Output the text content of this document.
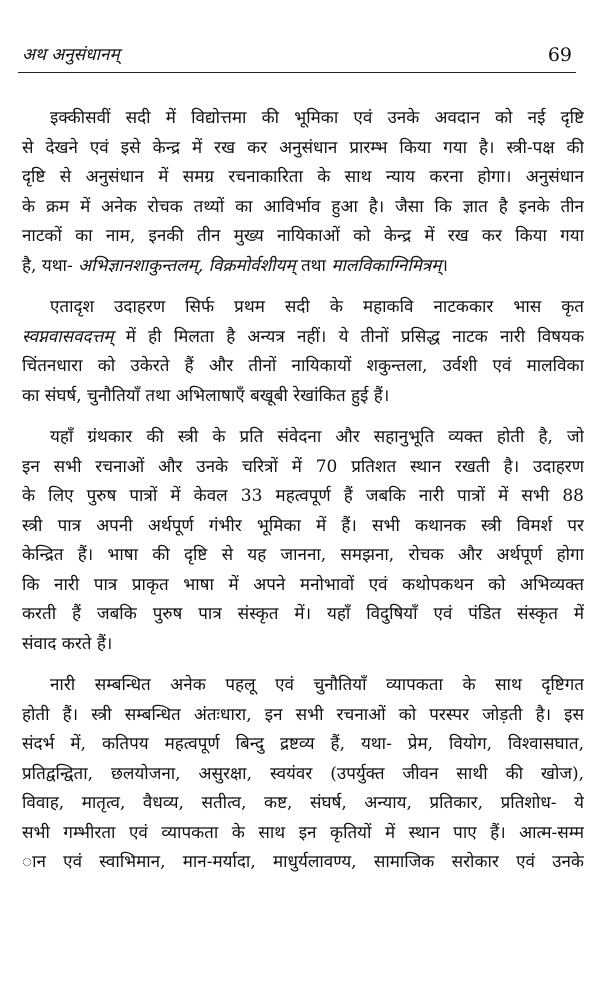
अथ अनुसंधानम्	69
इक्कीसवीं सदी में विद्योत्तमा की भूमिका एवं उनके अवदान को नई दृष्टि
से देखने एवं इसे केन्द्र में रख कर अनुसंधान प्रारम्भ किया गया है। स्त्री-पक्ष की
दृष्टि से अनुसंधान में समग्र रचनाकारिता के साथ न्याय करना होगा। अनुसंधान
के क्रम में अनेक रोचक तथ्यों का आविर्भाव हुआ है। जैसा कि ज्ञात है इनके तीन
नाटकों का नाम, इनकी तीन मुख्य नायिकाओं को केन्द्र में रख कर किया गया
है, यथा- अभिज्ञानशाकुन्तलम्, विक्रमोर्वशीयम् तथा मालविकाग्निमित्रम्।
एतादृश उदाहरण सिर्फ प्रथम सदी के महाकवि नाटककार भास कृत
स्वप्नवासवदत्तम् में ही मिलता है अन्यत्र नहीं। ये तीनों प्रसिद्ध नाटक नारी विषयक
चिंतनधारा को उकेरते हैं और तीनों नायिकायों शकुन्तला, उर्वशी एवं मालविका
का संघर्ष, चुनौतियाँ तथा अभिलाषाएँ बखूबी रेखांकित हुई हैं।
यहाँ ग्रंथकार की स्त्री के प्रति संवेदना और सहानुभूति व्यक्त होती है, जो
इन सभी रचनाओं और उनके चरित्रों में 70 प्रतिशत स्थान रखती है। उदाहरण
के लिए पुरुष पात्रों में केवल 33 महत्वपूर्ण हैं जबकि नारी पात्रों में सभी 88
स्त्री पात्र अपनी अर्थपूर्ण गंभीर भूमिका में हैं। सभी कथानक स्त्री विमर्श पर
केन्द्रित हैं। भाषा की दृष्टि से यह जानना, समझना, रोचक और अर्थपूर्ण होगा
कि नारी पात्र प्राकृत भाषा में अपने मनोभावों एवं कथोपकथन को अभिव्यक्त
करती हैं जबकि पुरुष पात्र संस्कृत में। यहाँ विदुषियाँ एवं पंडित संस्कृत में
संवाद करते हैं।
नारी सम्बन्धित अनेक पहलू एवं चुनौतियाँ व्यापकता के साथ दृष्टिगत
होती हैं। स्त्री सम्बन्धित अंतःधारा, इन सभी रचनाओं को परस्पर जोड़ती है। इस
संदर्भ में, कतिपय महत्वपूर्ण बिन्दु द्रष्टव्य हैं, यथा- प्रेम, वियोग, विश्वासघात,
प्रतिद्वन्द्विता, छलयोजना, असुरक्षा, स्वयंवर (उपर्युक्त जीवन साथी की खोज),
विवाह, मातृत्व, वैधव्य, सतीत्व, कष्ट, संघर्ष, अन्याय, प्रतिकार, प्रतिशोध- ये
सभी गम्भीरता एवं व्यापकता के साथ इन कृतियों में स्थान पाए हैं। आत्म-सम्म
ान एवं स्वाभिमान, मान-मर्यादा, माधुर्यलावण्य, सामाजिक सरोकार एवं उनके
